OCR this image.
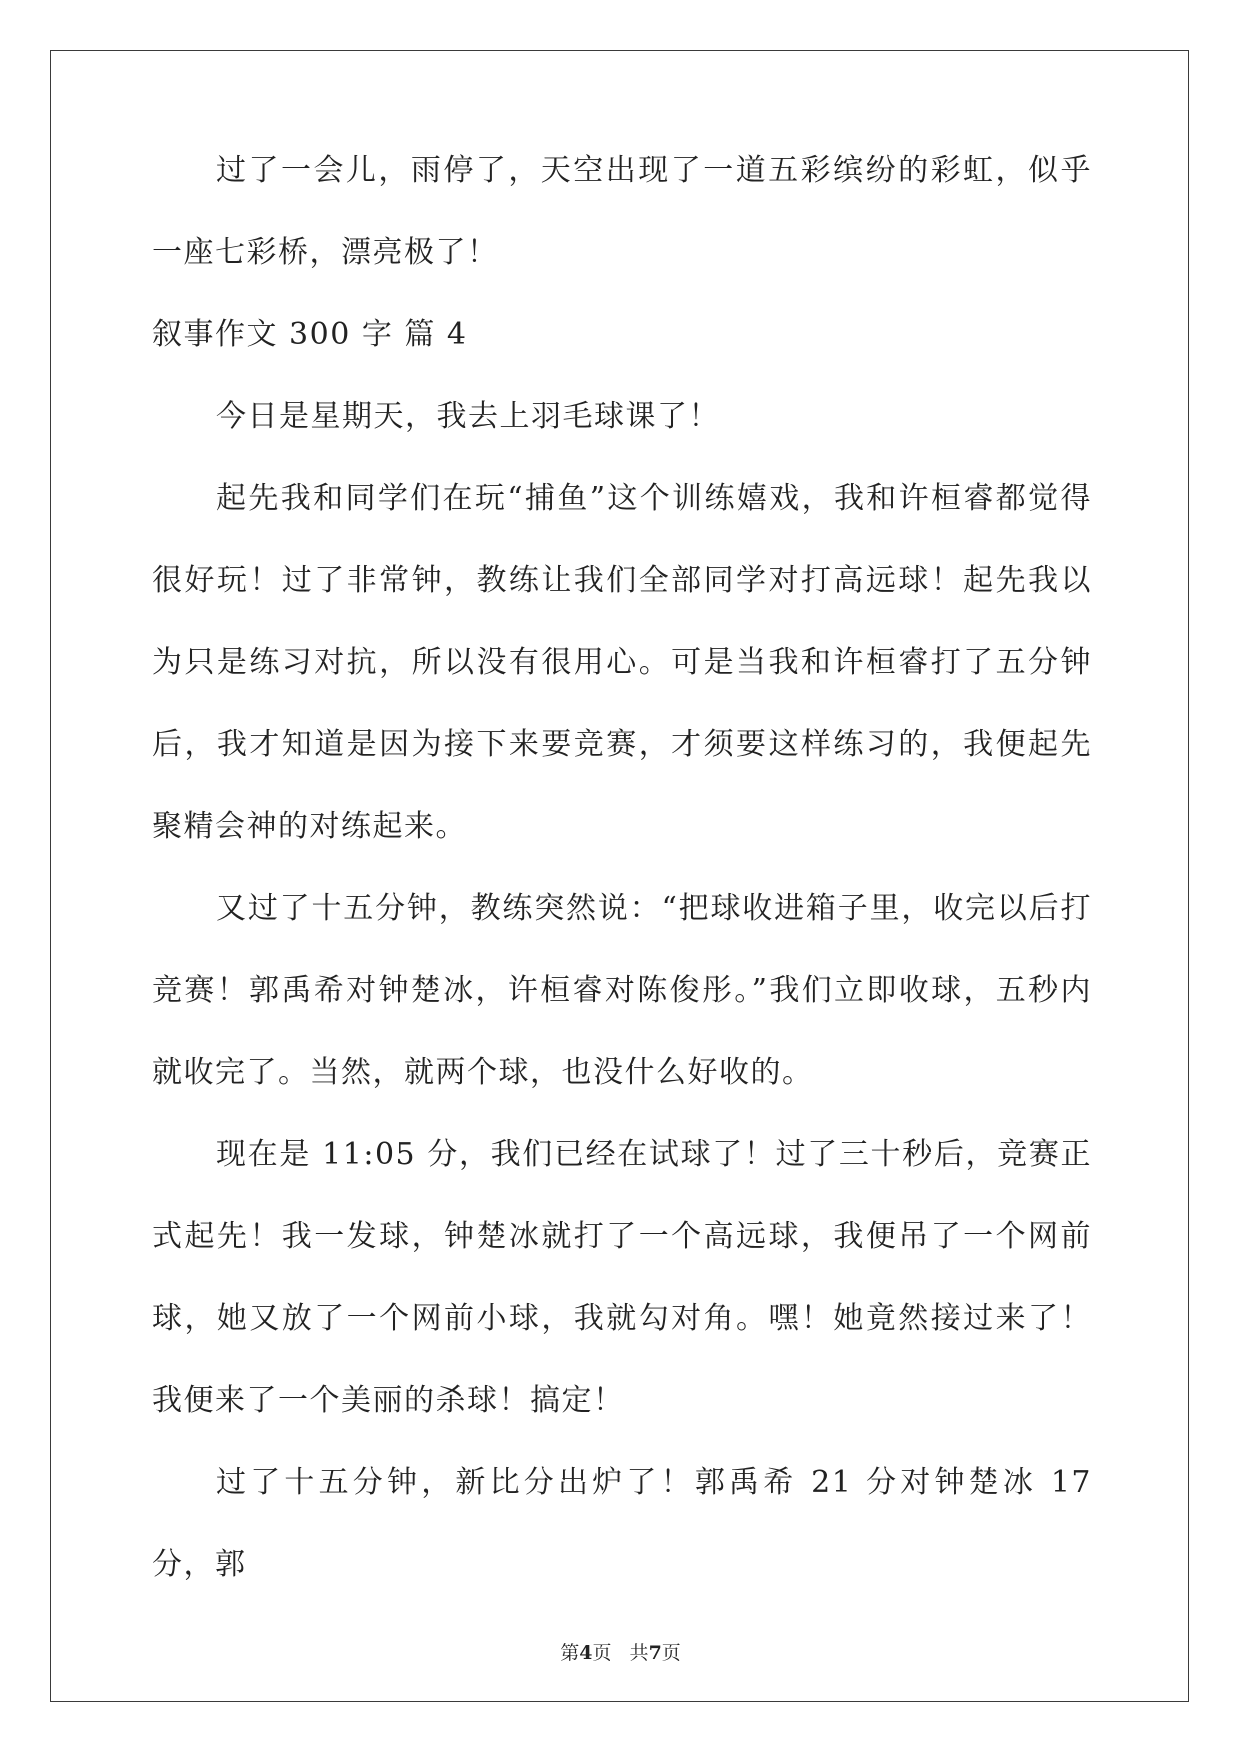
过了一会儿，雨停了，天空出现了一道五彩缤纷的彩虹，似乎一座七彩桥，漂亮极了！

叙事作文 300 字 篇 4

今日是星期天，我去上羽毛球课了！

起先我和同学们在玩“捕鱼”这个训练嬉戏，我和许桓睿都觉得很好玩！过了非常钟，教练让我们全部同学对打高远球！起先我以为只是练习对抗，所以没有很用心。可是当我和许桓睿打了五分钟后，我才知道是因为接下来要竞赛，才须要这样练习的，我便起先聚精会神的对练起来。

又过了十五分钟，教练突然说：“把球收进箱子里，收完以后打竞赛！郭禹希对钟楚冰，许桓睿对陈俊彤。”我们立即收球，五秒内就收完了。当然，就两个球，也没什么好收的。

现在是 11:05 分，我们已经在试球了！过了三十秒后，竞赛正式起先！我一发球，钟楚冰就打了一个高远球，我便吊了一个网前球，她又放了一个网前小球，我就勾对角。嘿！她竟然接过来了！我便来了一个美丽的杀球！搞定！

过了十五分钟，新比分出炉了！郭禹希 21 分对钟楚冰 17 分，郭

第4页   共7页
